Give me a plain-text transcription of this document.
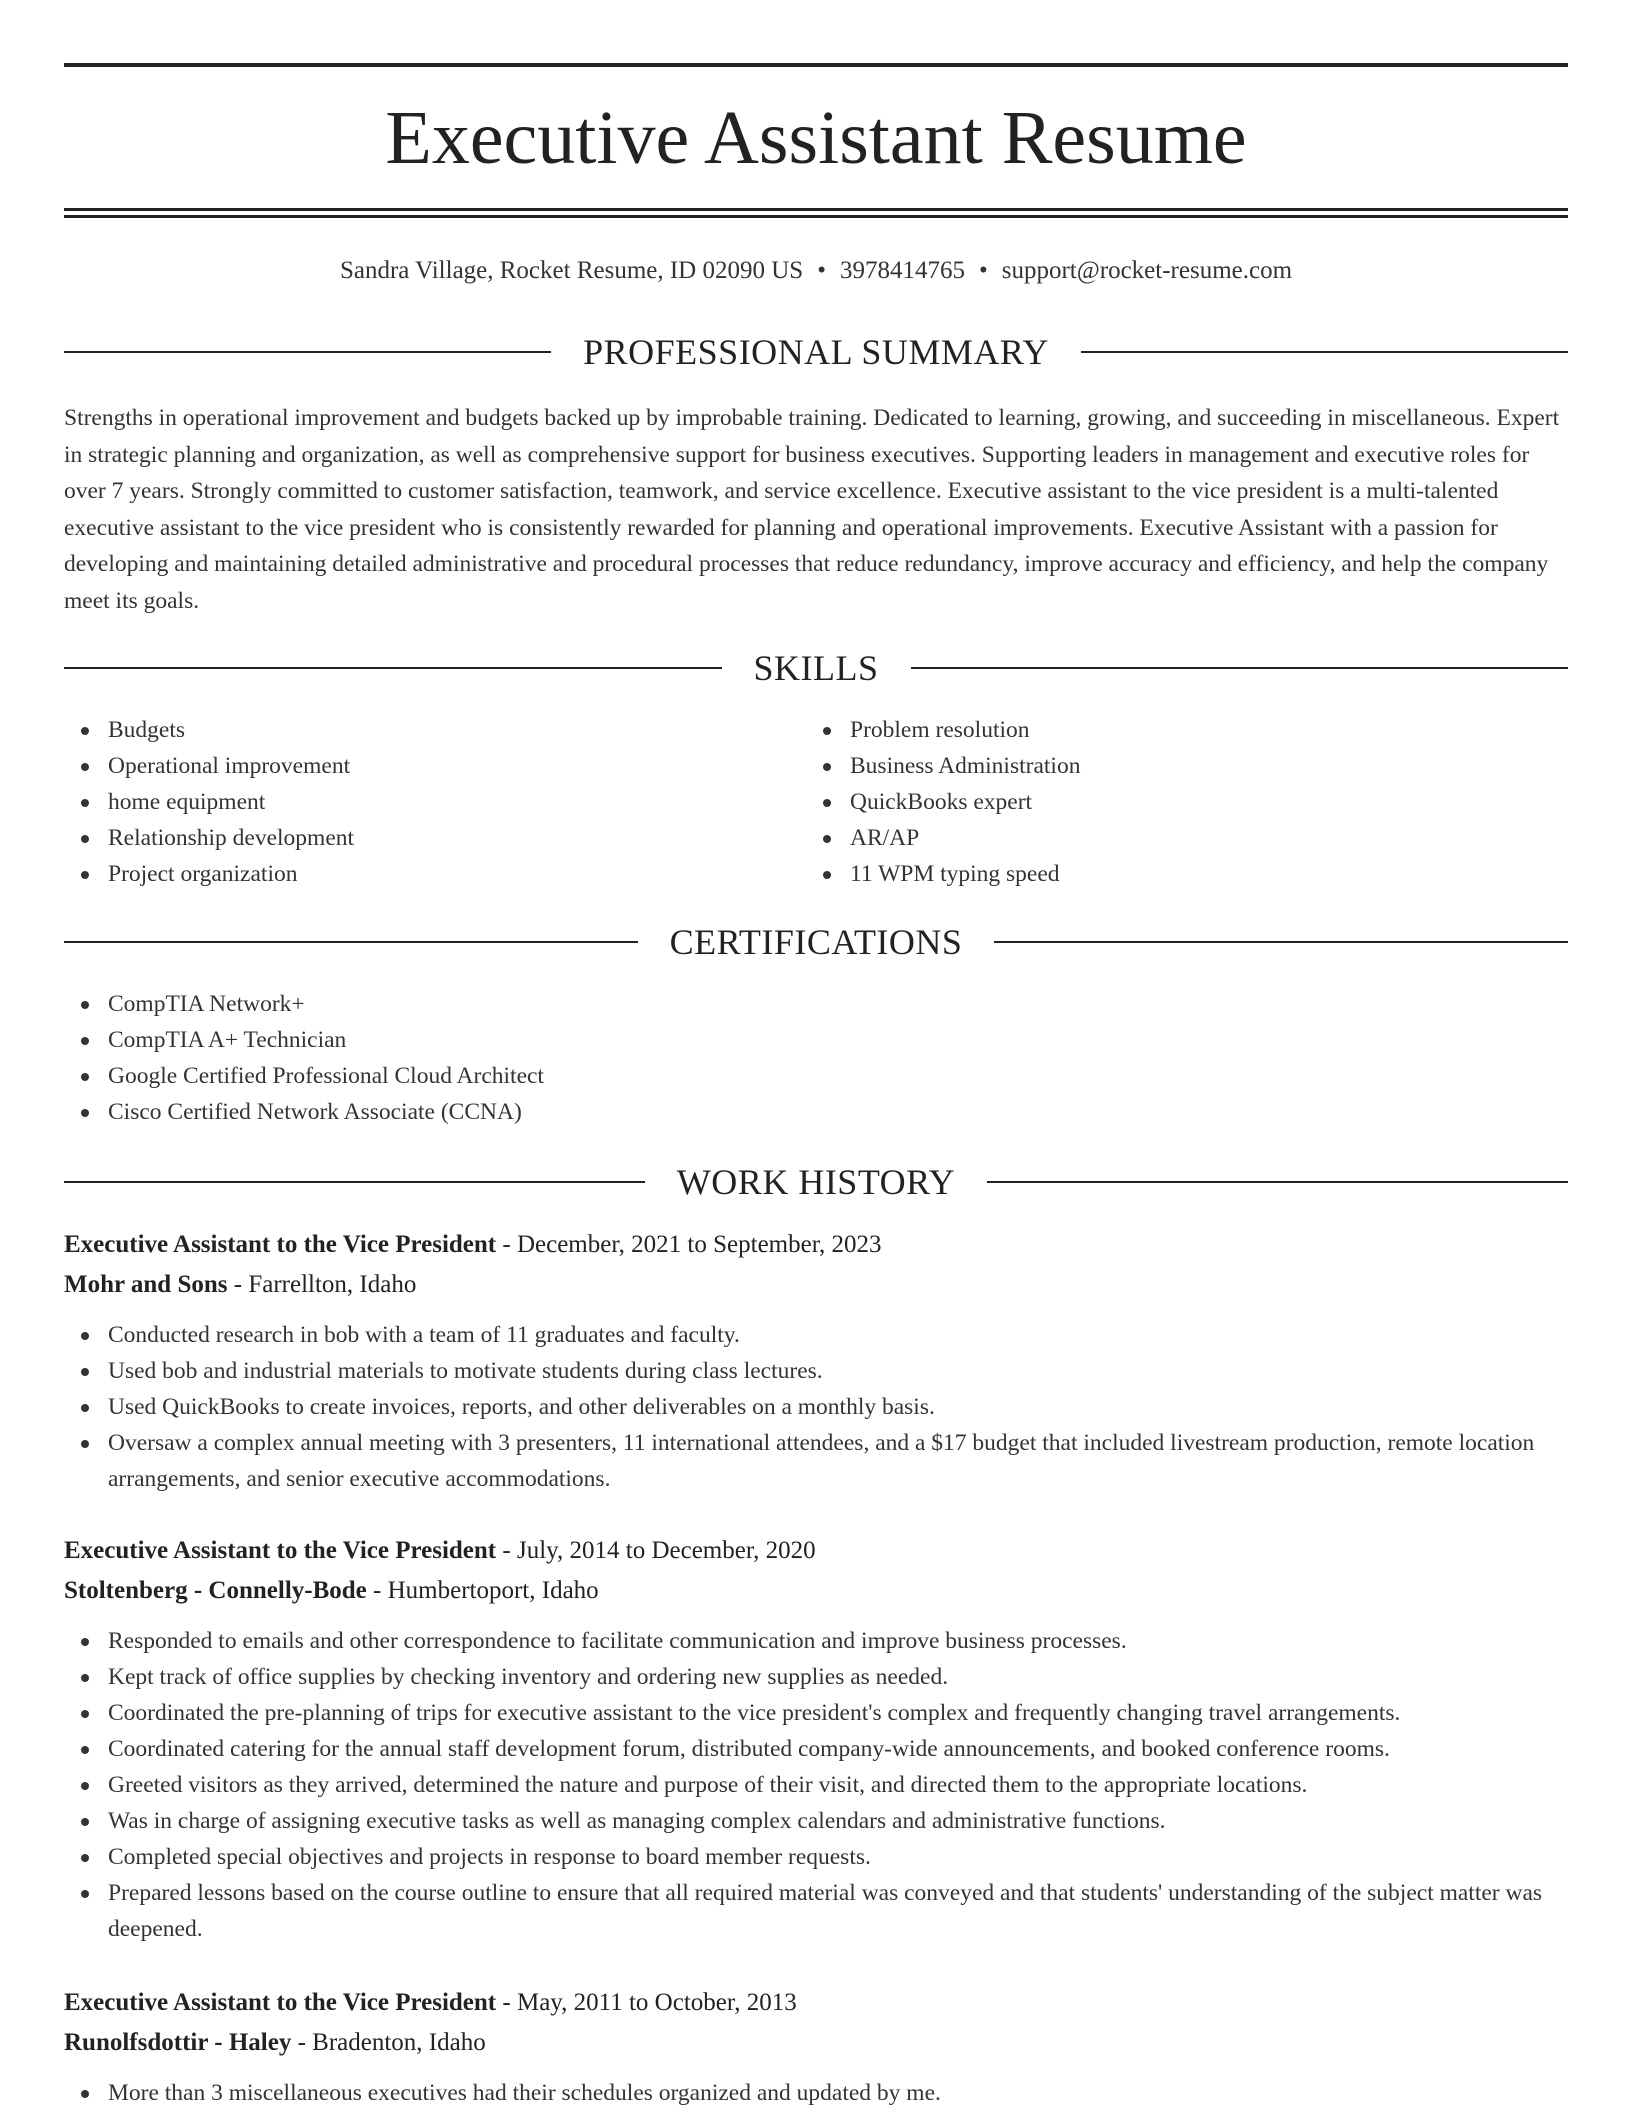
Executive Assistant Resume
Sandra Village, Rocket Resume, ID 02090 US • 3978414765 • support@rocket-resume.com
PROFESSIONAL SUMMARY

Strengths in operational improvement and budgets backed up by improbable training. Dedicated to learning, growing, and succeeding in miscellaneous. Expert in strategic planning and organization, as well as comprehensive support for business executives. Supporting leaders in management and executive roles for over 7 years. Strongly committed to customer satisfaction, teamwork, and service excellence. Executive assistant to the vice president is a multi-talented executive assistant to the vice president who is consistently rewarded for planning and operational improvements. Executive Assistant with a passion for developing and maintaining detailed administrative and procedural processes that reduce redundancy, improve accuracy and efficiency, and help the company meet its goals.

SKILLS
Budgets
Operational improvement
home equipment
Relationship development
Project organization
Problem resolution
Business Administration
QuickBooks expert
AR/AP
11 WPM typing speed
CERTIFICATIONS
CompTIA Network+
CompTIA A+ Technician
Google Certified Professional Cloud Architect
Cisco Certified Network Associate (CCNA)
WORK HISTORY
Executive Assistant to the Vice President - December, 2021 to September, 2023
Mohr and Sons - Farrellton, Idaho
Conducted research in bob with a team of 11 graduates and faculty.
Used bob and industrial materials to motivate students during class lectures.
Used QuickBooks to create invoices, reports, and other deliverables on a monthly basis.
Oversaw a complex annual meeting with 3 presenters, 11 international attendees, and a $17 budget that included livestream production, remote location arrangements, and senior executive accommodations.
Executive Assistant to the Vice President - July, 2014 to December, 2020
Stoltenberg - Connelly-Bode - Humbertoport, Idaho
Responded to emails and other correspondence to facilitate communication and improve business processes.
Kept track of office supplies by checking inventory and ordering new supplies as needed.
Coordinated the pre-planning of trips for executive assistant to the vice president's complex and frequently changing travel arrangements.
Coordinated catering for the annual staff development forum, distributed company-wide announcements, and booked conference rooms.
Greeted visitors as they arrived, determined the nature and purpose of their visit, and directed them to the appropriate locations.
Was in charge of assigning executive tasks as well as managing complex calendars and administrative functions.
Completed special objectives and projects in response to board member requests.
Prepared lessons based on the course outline to ensure that all required material was conveyed and that students' understanding of the subject matter was deepened.
Executive Assistant to the Vice President - May, 2011 to October, 2013
Runolfsdottir - Haley - Bradenton, Idaho
More than 3 miscellaneous executives had their schedules organized and updated by me.
